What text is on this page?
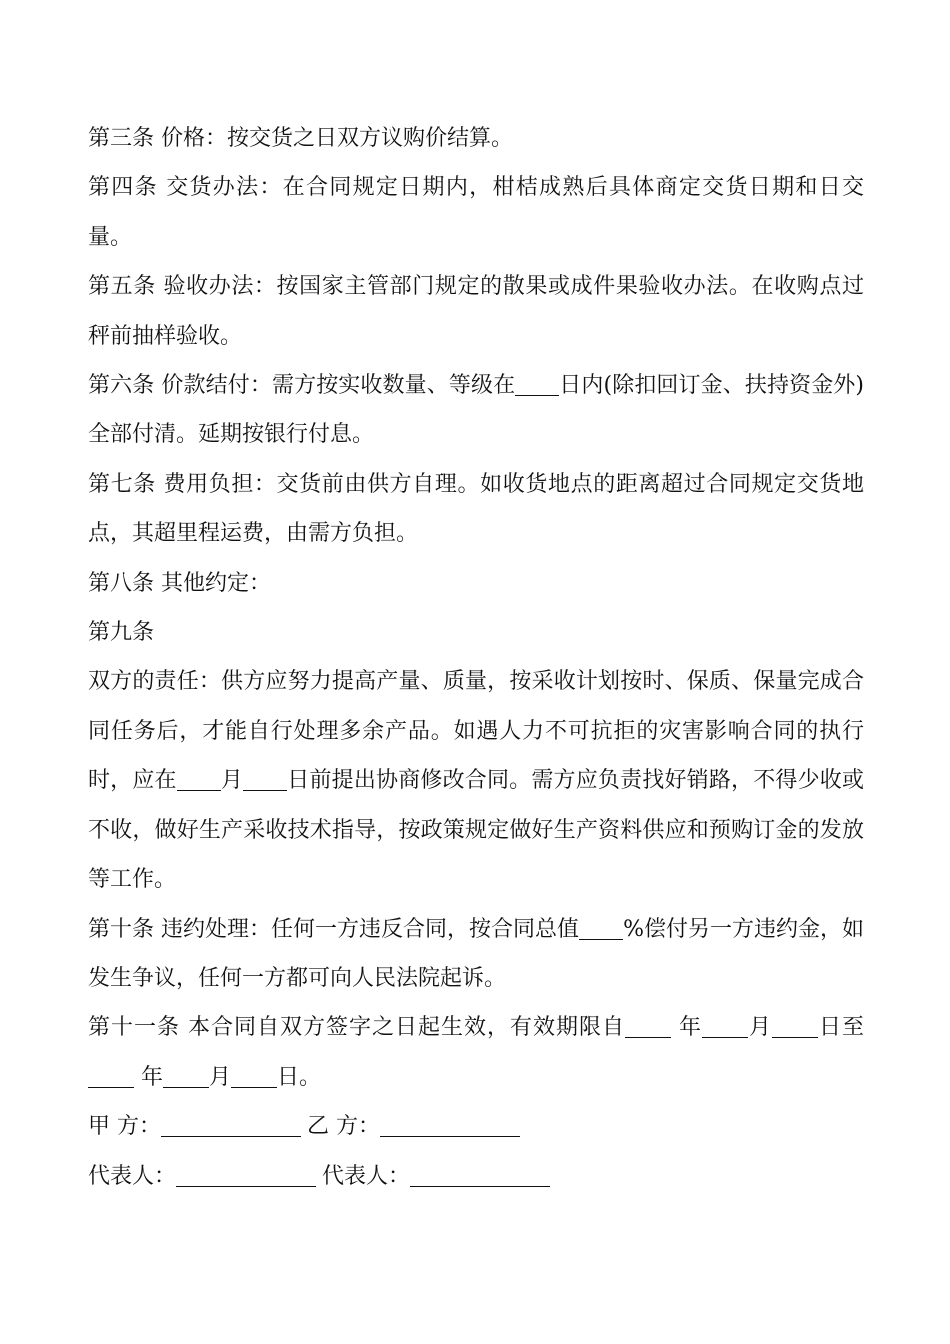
第三条 价格：按交货之日双方议购价结算。

第四条 交货办法：在合同规定日期内，柑桔成熟后具体商定交货日期和日交量。

第五条 验收办法：按国家主管部门规定的散果或成件果验收办法。在收购点过秤前抽样验收。

第六条 价款结付：需方按实收数量、等级在 日内(除扣回订金、扶持资金外)全部付清。延期按银行付息。

第七条 费用负担：交货前由供方自理。如收货地点的距离超过合同规定交货地点，其超里程运费，由需方负担。

第八条 其他约定：

第九条

双方的责任：供方应努力提高产量、质量，按采收计划按时、保质、保量完成合同任务后，才能自行处理多余产品。如遇人力不可抗拒的灾害影响合同的执行时，应在 月 日前提出协商修改合同。需方应负责找好销路，不得少收或不收，做好生产采收技术指导，按政策规定做好生产资料供应和预购订金的发放等工作。

第十条 违约处理：任何一方违反合同，按合同总值 %偿付另一方违约金，如发生争议，任何一方都可向人民法院起诉。

第十一条 本合同自双方签字之日起生效，有效期限自 年 月 日至 年 月 日。

甲 方：	乙 方：

代表人：	代表人：
